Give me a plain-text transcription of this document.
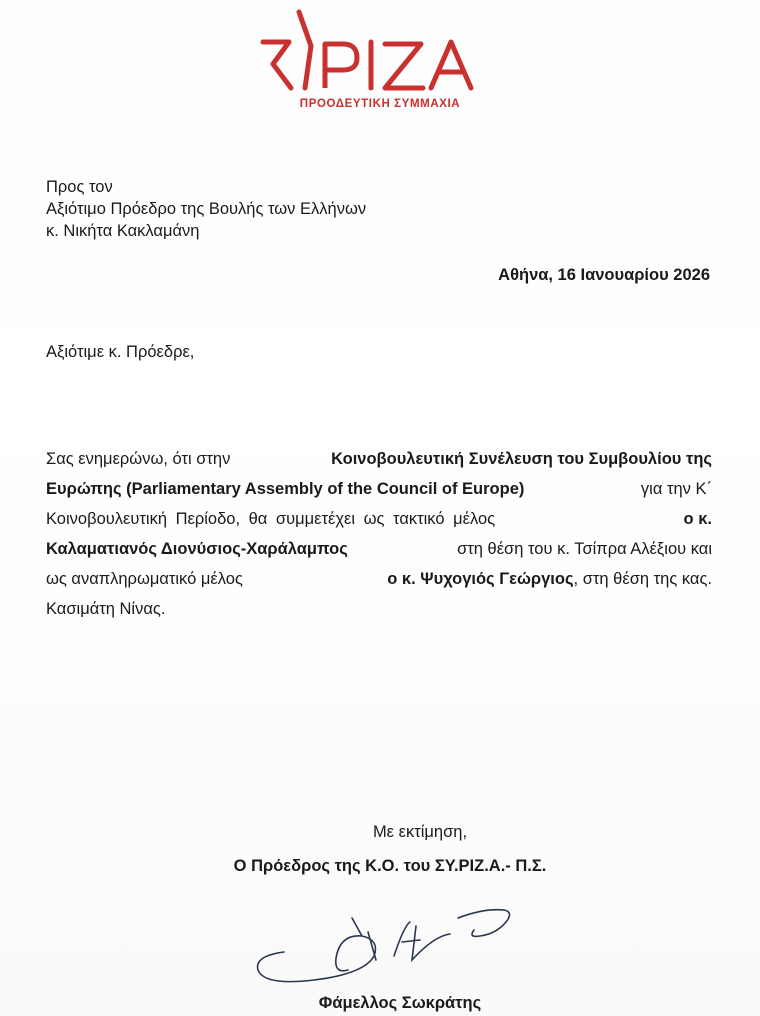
ΠΡΟΟΔΕΥΤΙΚΗ ΣΥΜΜΑΧΙΑ
Προς τον
Αξιότιμο Πρόεδρο της Βουλής των Ελλήνων
κ. Νικήτα Κακλαμάνη
Αθήνα, 16 Ιανουαρίου 2026
Αξιότιμε κ. Πρόεδρε,
Σας ενημερώνω, ότι στην	Κοινοβουλευτική Συνέλευση του Συμβουλίου της
Ευρώπης (Parliamentary Assembly of the Council of Europe)	για την Κ΄
Κοινοβουλευτική Περίοδο, θα συμμετέχει ως τακτικό μέλος	ο κ.
Καλαματιανός Διονύσιος-Χαράλαμπος	στη θέση του κ. Τσίπρα Αλέξιου και
ως αναπληρωματικό μέλος	ο κ. Ψυχογιός Γεώργιος, στη θέση της κας.
Κασιμάτη Νίνας.
Με εκτίμηση,
Ο Πρόεδρος της Κ.Ο. του ΣΥ.ΡΙΖ.Α.- Π.Σ.
Φάμελλος Σωκράτης
